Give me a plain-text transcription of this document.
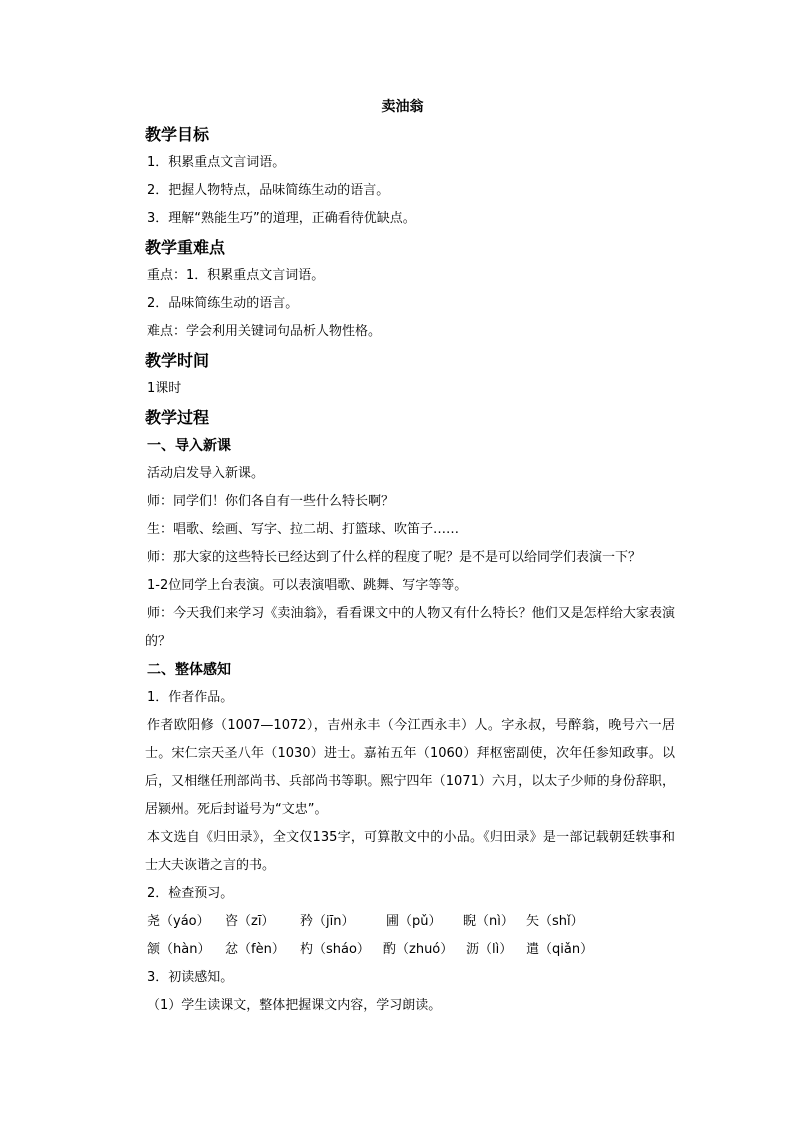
卖油翁
教学目标
1．积累重点文言词语。
2．把握人物特点，品味简练生动的语言。
3．理解“熟能生巧”的道理，正确看待优缺点。
教学重难点
重点：1．积累重点文言词语。
2．品味简练生动的语言。
难点：学会利用关键词句品析人物性格。
教学时间
1课时
教学过程
一、导入新课
活动启发导入新课。
师：同学们！你们各自有一些什么特长啊？
生：唱歌、绘画、写字、拉二胡、打篮球、吹笛子……
师：那大家的这些特长已经达到了什么样的程度了呢？是不是可以给同学们表演一下？
1-2位同学上台表演。可以表演唱歌、跳舞、写字等等。
师：今天我们来学习《卖油翁》，看看课文中的人物又有什么特长？他们又是怎样给大家表演的？
二、整体感知
1．作者作品。
作者欧阳修（1007—1072），吉州永丰（今江西永丰）人。字永叔，号醉翁，晚号六一居士。宋仁宗天圣八年（1030）进士。嘉祐五年（1060）拜枢密副使，次年任参知政事。以后，又相继任刑部尚书、兵部尚书等职。熙宁四年（1071）六月，以太子少师的身份辞职，居颍州。死后封谥号为“文忠”。
本文选自《归田录》，全文仅135字，可算散文中的小品。《归田录》是一部记载朝廷轶事和士大夫诙谐之言的书。
2．检查预习。
尧（yáo） 咨（zī） 矜（jīn） 圃（pǔ） 睨（nì） 矢（shǐ）
颔（hàn） 忿（fèn） 杓（sháo） 酌（zhuó） 沥（lì） 遣（qiǎn）
3．初读感知。
（1）学生读课文，整体把握课文内容，学习朗读。
